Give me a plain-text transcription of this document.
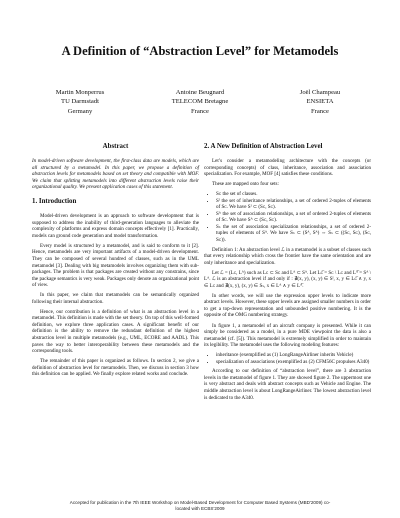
A Definition of “Abstraction Level” for Metamodels
Martin Monperrus
TU Darmstadt
Germany
Antoine Beugnard
TELECOM Bretagne
France
Joël Champeau
ENSIETA
France
Abstract

In model-driven software development, the first-class data are models, which are all structured by a metamodel. In this paper, we propose a definition of abstraction levels for metamodels based on set theory and compatible with MOF. We claim that splitting metamodels into different abstraction levels raise their organizational quality. We present application cases of this statement.

1. Introduction

Model-driven development is an approach to software development that is supposed to address the inability of third-generation languages to alleviate the complexity of platforms and express domain concepts effectively [1]. Practically, models can ground code generation and model transformation.

Every model is structured by a metamodel, and is said to conform to it [2]. Hence, metamodels are very important artifacts of a model-driven development. They can be composed of several hundred of classes, such as in the UML metamodel [3]. Dealing with big metamodels involves organizing them with sub-packages. The problem is that packages are created without any constrains, since the package semantics is very weak. Packages only denote an organizational point of view.

In this paper, we claim that metamodels can be semantically organized following their internal abstraction.

Hence, our contribution is a definition of what is an abstraction level in a metamodel. This definition is made with the set theory. On top of this well-formed definition, we explore three application cases. A significant benefit of our definition is the ability to remove the redundant definition of the highest abstraction level in multiple metamodels (e.g., UML, ECORE and AADL). This paves the way to better interoperability between these metamodels and the corresponding tools.

The remainder of this paper is organized as follows. In section 2, we give a definition of abstraction level for metamodels. Then, we discuss in section 3 how this definition can be applied. We finally explore related works and conclude.

2. A New Definition of Abstraction Level

Let’s consider a metamodeling architecture with the concepts (or corresponding concepts) of class, inheritance, association and association specialization. For example, MOF [4] satisfies these conditions.

These are mapped onto four sets:

• Sᴄ the set of classes.
• Sᴵ the set of inheritance relationships, a set of ordered 2-tuples of elements of Sᴄ. We have Sᴵ ⊂ (Sᴄ, Sᴄ).
• Sᴬ the set of association relationships, a set of ordered 2-tuples of elements of Sᴄ. We have Sᴬ ⊂ (Sᴄ, Sᴄ).
• Sₛ the set of association specialization relationships, a set of ordered 2-tuples of elements of Sᴬ. We have Sₛ ⊂ (Sᴬ, Sᴬ) ⇔ Sₛ ⊂ ((Sᴄ, Sᴄ), (Sᴄ, Sᴄ)).

Definition 1: An abstraction level ℒ in a metamodel is a subset of classes such that every relationship which cross the frontier have the same orientation and are only inheritance and specialization.

Let ℒ = (Lᴄ, Lᴬ) such as Lᴄ ⊂ Sᴄ and Lᴬ ⊂ Sᴬ. Let Lᴄ̅ = Sᴄ \ Lᴄ and Lᴬ̅ = Sᴬ \ Lᴬ. ℒ is an abstraction level if and only if : ∄(x, y), (x, y) ∈ Sᴵ, x, y ∈ Lᴄ̅ ∧ y, x ∈ Lᴄ and ∄(x, y), (x, y) ∈ Sₛ, x ∈ Lᴬ ∧ y ∈ Lᴬ̅.

In other words, we will use the expression upper levels to indicate more abstract levels. However, these upper levels are assigned smaller numbers in order to get a top-down representation and unbounded positive numbering. It is the opposite of the OMG numbering strategy.

In figure 1, a metamodel of an aircraft company is presented. While it can simply be considered as a model, in a pure MDE viewpoint the data is also a metamodel (cf. [5]). This metamodel is extremely simplified in order to maintain its legibility. The metamodel uses the following modeling features:

• inheritance (exemplified as (1) LongRangeAirliner inherits Vehicle)
• specialization of associations (exemplified as (2) CFM56C propulses A340)

According to our definition of “abstraction level”, there are 3 abstraction levels in the metamodel of figure 1. They are showed figure 2. The uppermost one is very abstract and deals with abstract concepts such as Vehicle and Engine. The middle abstraction level is about LongRangeAirliner. The lowest abstraction level is dedicated to the A340.

Accepted for publication in the 7th IEEE Workshop on Model-Based Development for Computer Based Systems (MBD'2009) co-
located with ECBS'2009
